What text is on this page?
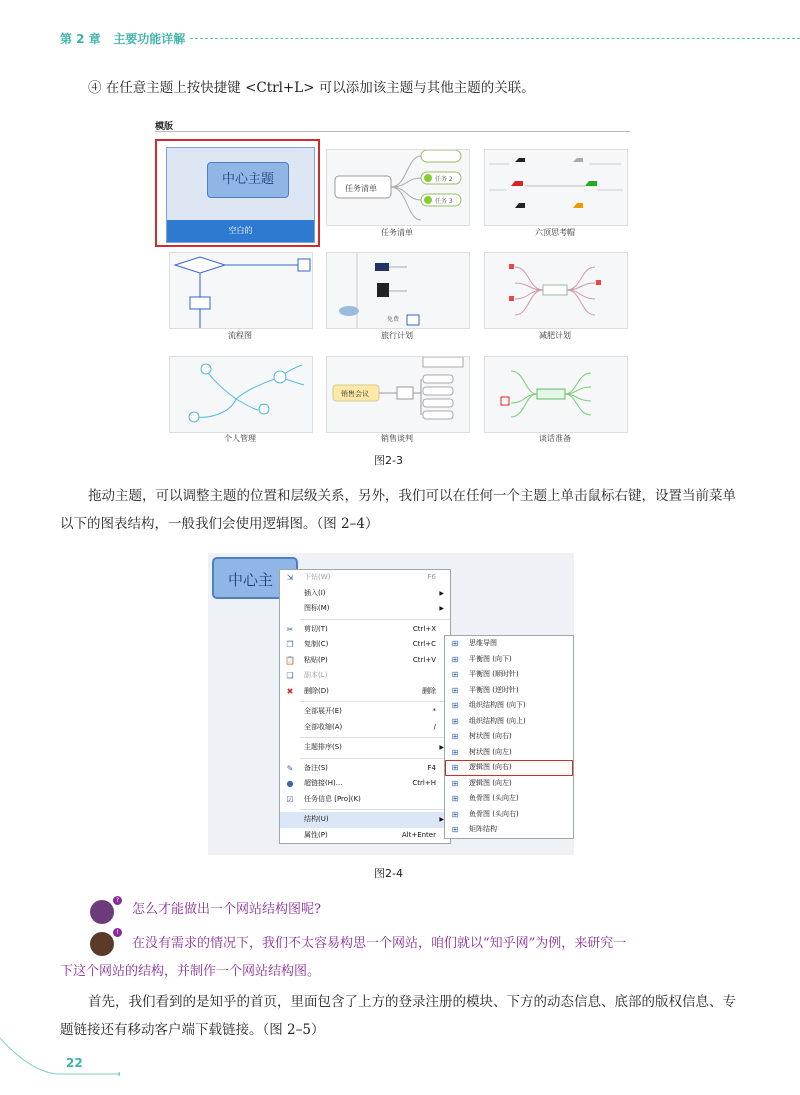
第 2 章 主要功能详解
④ 在任意主题上按快捷键 <Ctrl+L> 可以添加该主题与其他主题的关联。
模版
中心主题
空白的
任务清单
任务 2
任务 3
免费
销售会议
任务清单	六顶思考帽
流程图	旅行计划	减肥计划
个人管理	销售谈判	谈话准备
图2-3
拖动主题，可以调整主题的位置和层级关系，另外，我们可以在任何一个主题上单击鼠标右键，设置当前菜单以下的图表结构，一般我们会使用逻辑图。（图 2–4）
中心主	⇲ 下钻(W)	F6
插入(I)	▶
图标(M)	▶
✂ 剪切(T)	Ctrl+X
❐ 复制(C)	Ctrl+C
📋 粘贴(P)	Ctrl+V
❏ 副本(L)
✖ 删除(D)	删除
全部展开(E)	*
全部收缩(A)	/
主题排序(S)	▶
✎ 备注(S)	F4
● 超链接(H)...	Ctrl+H
☑ 任务信息 [Pro](K)
结构(U)	▶
属性(P)	Alt+Enter
⊞ 思维导图
⊞ 平衡图 (向下)
⊞ 平衡图 (顺时针)
⊞ 平衡图 (逆时针)
⊞ 组织结构图 (向下)
⊞ 组织结构图 (向上)
⊞ 树状图 (向右)
⊞ 树状图 (向左)
⊞ 逻辑图 (向右)
⊞ 逻辑图 (向左)
⊞ 鱼骨图 (头向左)
⊞ 鱼骨图 (头向右)
⊞ 矩阵结构
图2-4
?
怎么才能做出一个网站结构图呢?
!
在没有需求的情况下，我们不太容易构思一个网站，咱们就以“知乎网”为例，来研究一
下这个网站的结构，并制作一个网站结构图。
首先，我们看到的是知乎的首页，里面包含了上方的登录注册的模块、下方的动态信息、底部的版权信息、专题链接还有移动客户端下载链接。（图 2–5）
22
